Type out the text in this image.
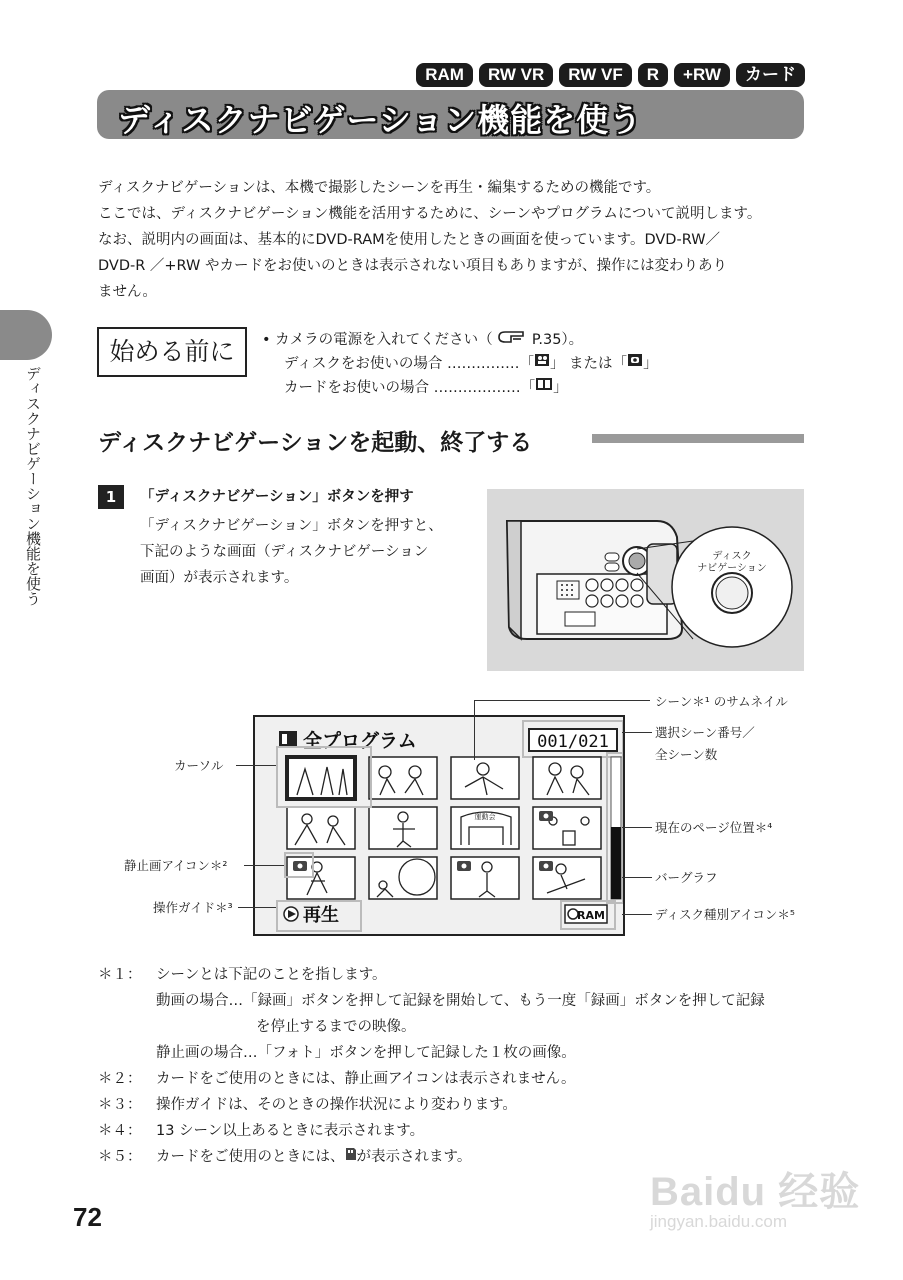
RAM	RW VR	RW VF	R	+RW	カード
ディスクナビゲーション機能を使う

ディスクナビゲーションは、本機で撮影したシーンを再生・編集するための機能です。

ここでは、ディスクナビゲーション機能を活用するために、シーンやプログラムについて説明します。

なお、説明内の画面は、基本的にDVD-RAMを使用したときの画面を使っています。DVD-RW／

DVD-R ／+RW やカードをお使いのときは表示されない項目もありますが、操作には変わりあり

ません。

ディスクナビゲーション機能を使う
始める前に	• カメラの電源を入れてください（	P.35）。
ディスクをお使いの場合 ……………「 」 または「 」
カードをお使いの場合 ………………「 」
ディスクナビゲーションを起動、終了する
1	「ディスクナビゲーション」ボタンを押す
「ディスクナビゲーション」ボタンを押すと、
下記のような画面（ディスクナビゲーション
画面）が表示されます。
ディスク
ナビゲーション
全プログラム	001/021
運動会
再生	RAM
シーン＊¹ のサムネイル
選択シーン番号／
全シーン数
カーソル
現在のページ位置＊⁴
静止画アイコン＊²
バーグラフ
操作ガイド＊³	ディスク種別アイコン＊⁵
＊１：	シーンとは下記のことを指します。
動画の場合…「録画」ボタンを押して記録を開始して、もう一度「録画」ボタンを押して記録
を停止するまでの映像。
静止画の場合…「フォト」ボタンを押して記録した１枚の画像。
＊２：	カードをご使用のときには、静止画アイコンは表示されません。
＊３：	操作ガイドは、そのときの操作状況により変わります。
＊４：	13 シーン以上あるときに表示されます。
＊５：	カードをご使用のときには、 が表示されます。
72
Baidu 经验
jingyan.baidu.com
